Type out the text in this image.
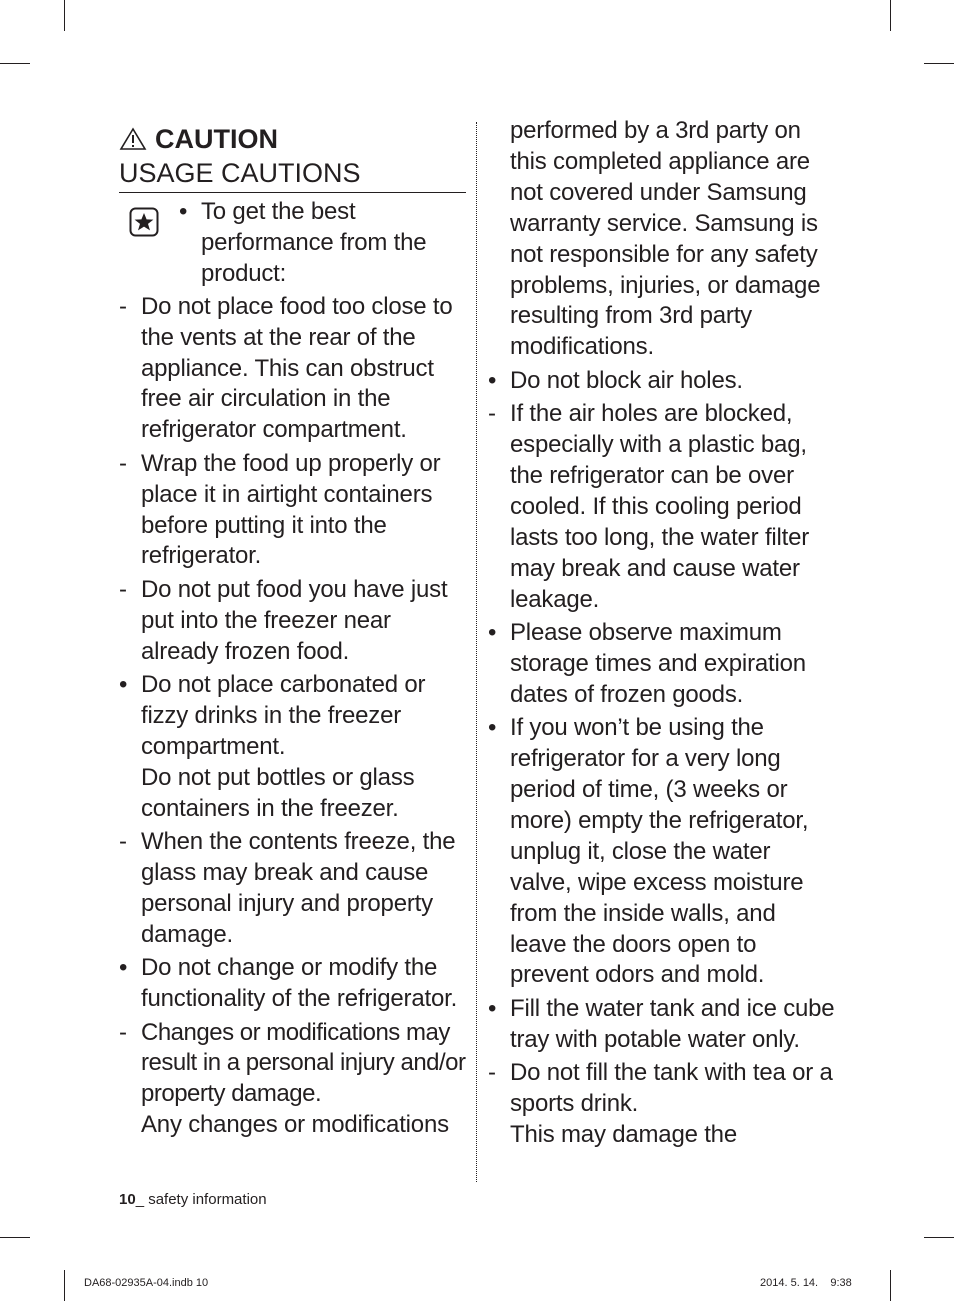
CAUTION
USAGE CAUTIONS
• To get the best performance from the product:
- Do not place food too close to the vents at the rear of the appliance. This can obstruct free air circulation in the refrigerator compartment.
- Wrap the food up properly or place it in airtight containers before putting it into the refrigerator.
- Do not put food you have just put into the freezer near already frozen food.
• Do not place carbonated or fizzy drinks in the freezer compartment.
Do not put bottles or glass containers in the freezer.
- When the contents freeze, the glass may break and cause personal injury and property damage.
• Do not change or modify the functionality of the refrigerator.
- Changes or modifications may result in a personal injury and/or property damage.
Any changes or modifications
performed by a 3rd party on this completed appliance are not covered under Samsung warranty service. Samsung is not responsible for any safety problems, injuries, or damage resulting from 3rd party modifications.
• Do not block air holes.
- If the air holes are blocked, especially with a plastic bag, the refrigerator can be over cooled. If this cooling period lasts too long, the water filter may break and cause water leakage.
• Please observe maximum storage times and expiration dates of frozen goods.
• If you won’t be using the refrigerator for a very long period of time, (3 weeks or more) empty the refrigerator, unplug it, close the water valve, wipe excess moisture from the inside walls, and leave the doors open to prevent odors and mold.
• Fill the water tank and ice cube tray with potable water only.
- Do not fill the tank with tea or a sports drink.
This may damage the
10_ safety information
DA68-02935A-04.indb 10	2014. 5. 14.    9:38
